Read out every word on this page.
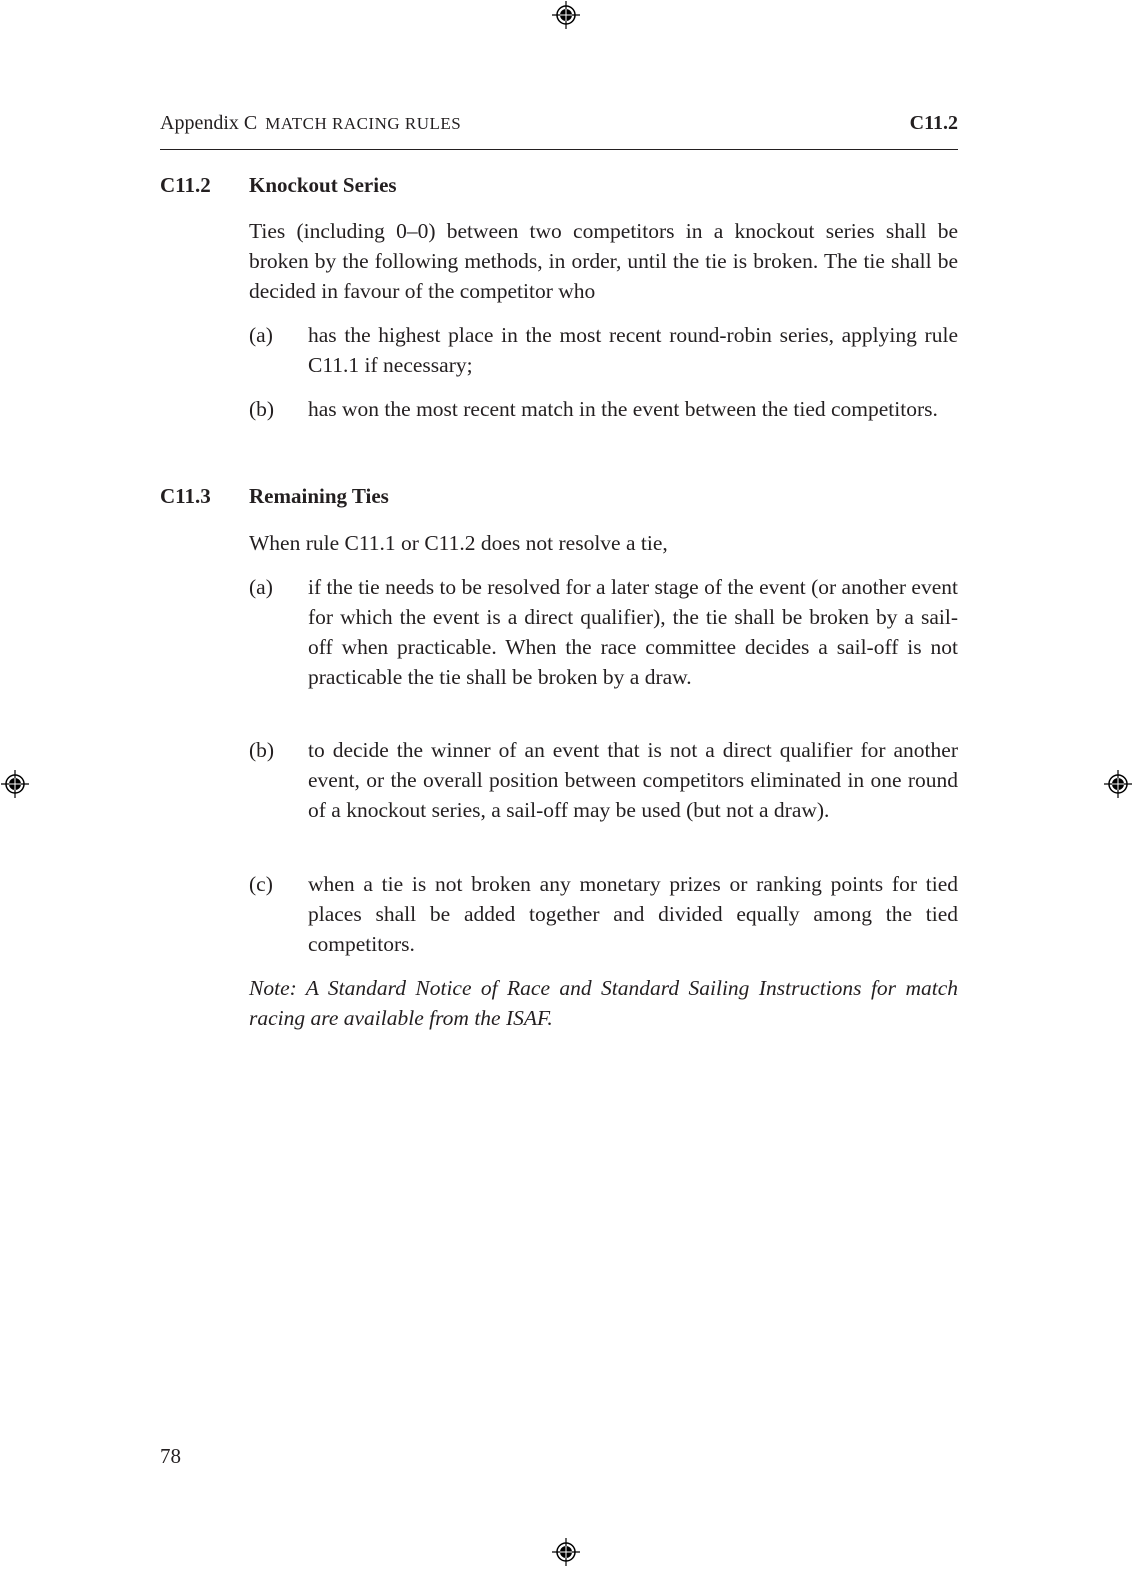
Appendix C MATCH RACING RULES	C11.2
C11.2 Knockout Series
Ties (including 0–0) between two competitors in a knockout series shall be broken by the following methods, in order, until the tie is broken. The tie shall be decided in favour of the competitor who
(a) has the highest place in the most recent round-robin series, applying rule C11.1 if necessary;
(b) has won the most recent match in the event between the tied competitors.
C11.3 Remaining Ties
When rule C11.1 or C11.2 does not resolve a tie,
(a) if the tie needs to be resolved for a later stage of the event (or another event for which the event is a direct qualifier), the tie shall be broken by a sail-off when practicable. When the race committee decides a sail-off is not practicable the tie shall be broken by a draw.
(b) to decide the winner of an event that is not a direct qualifier for another event, or the overall position between competitors eliminated in one round of a knockout series, a sail-off may be used (but not a draw).
(c) when a tie is not broken any monetary prizes or ranking points for tied places shall be added together and divided equally among the tied competitors.
Note: A Standard Notice of Race and Standard Sailing Instructions for match racing are available from the ISAF.
78
